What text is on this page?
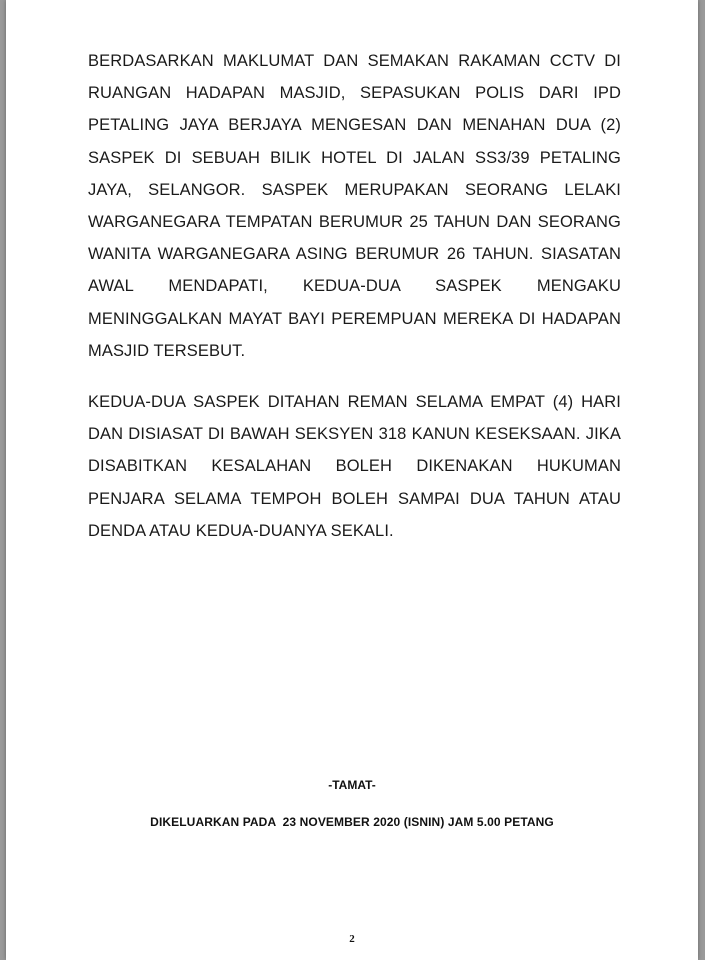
BERDASARKAN MAKLUMAT DAN SEMAKAN RAKAMAN CCTV DI RUANGAN HADAPAN MASJID, SEPASUKAN POLIS DARI IPD PETALING JAYA BERJAYA MENGESAN DAN MENAHAN DUA (2) SASPEK DI SEBUAH BILIK HOTEL DI JALAN SS3/39 PETALING JAYA, SELANGOR. SASPEK MERUPAKAN SEORANG LELAKI WARGANEGARA TEMPATAN BERUMUR 25 TAHUN DAN SEORANG WANITA WARGANEGARA ASING BERUMUR 26 TAHUN. SIASATAN AWAL MENDAPATI, KEDUA-DUA SASPEK MENGAKU MENINGGALKAN MAYAT BAYI PEREMPUAN MEREKA DI HADAPAN MASJID TERSEBUT.

KEDUA-DUA SASPEK DITAHAN REMAN SELAMA EMPAT (4) HARI DAN DISIASAT DI BAWAH SEKSYEN 318 KANUN KESEKSAAN. JIKA DISABITKAN KESALAHAN BOLEH DIKENAKAN HUKUMAN PENJARA SELAMA TEMPOH BOLEH SAMPAI DUA TAHUN ATAU DENDA ATAU KEDUA-DUANYA SEKALI.

-TAMAT-

DIKELUARKAN PADA  23 NOVEMBER 2020 (ISNIN) JAM 5.00 PETANG

2
